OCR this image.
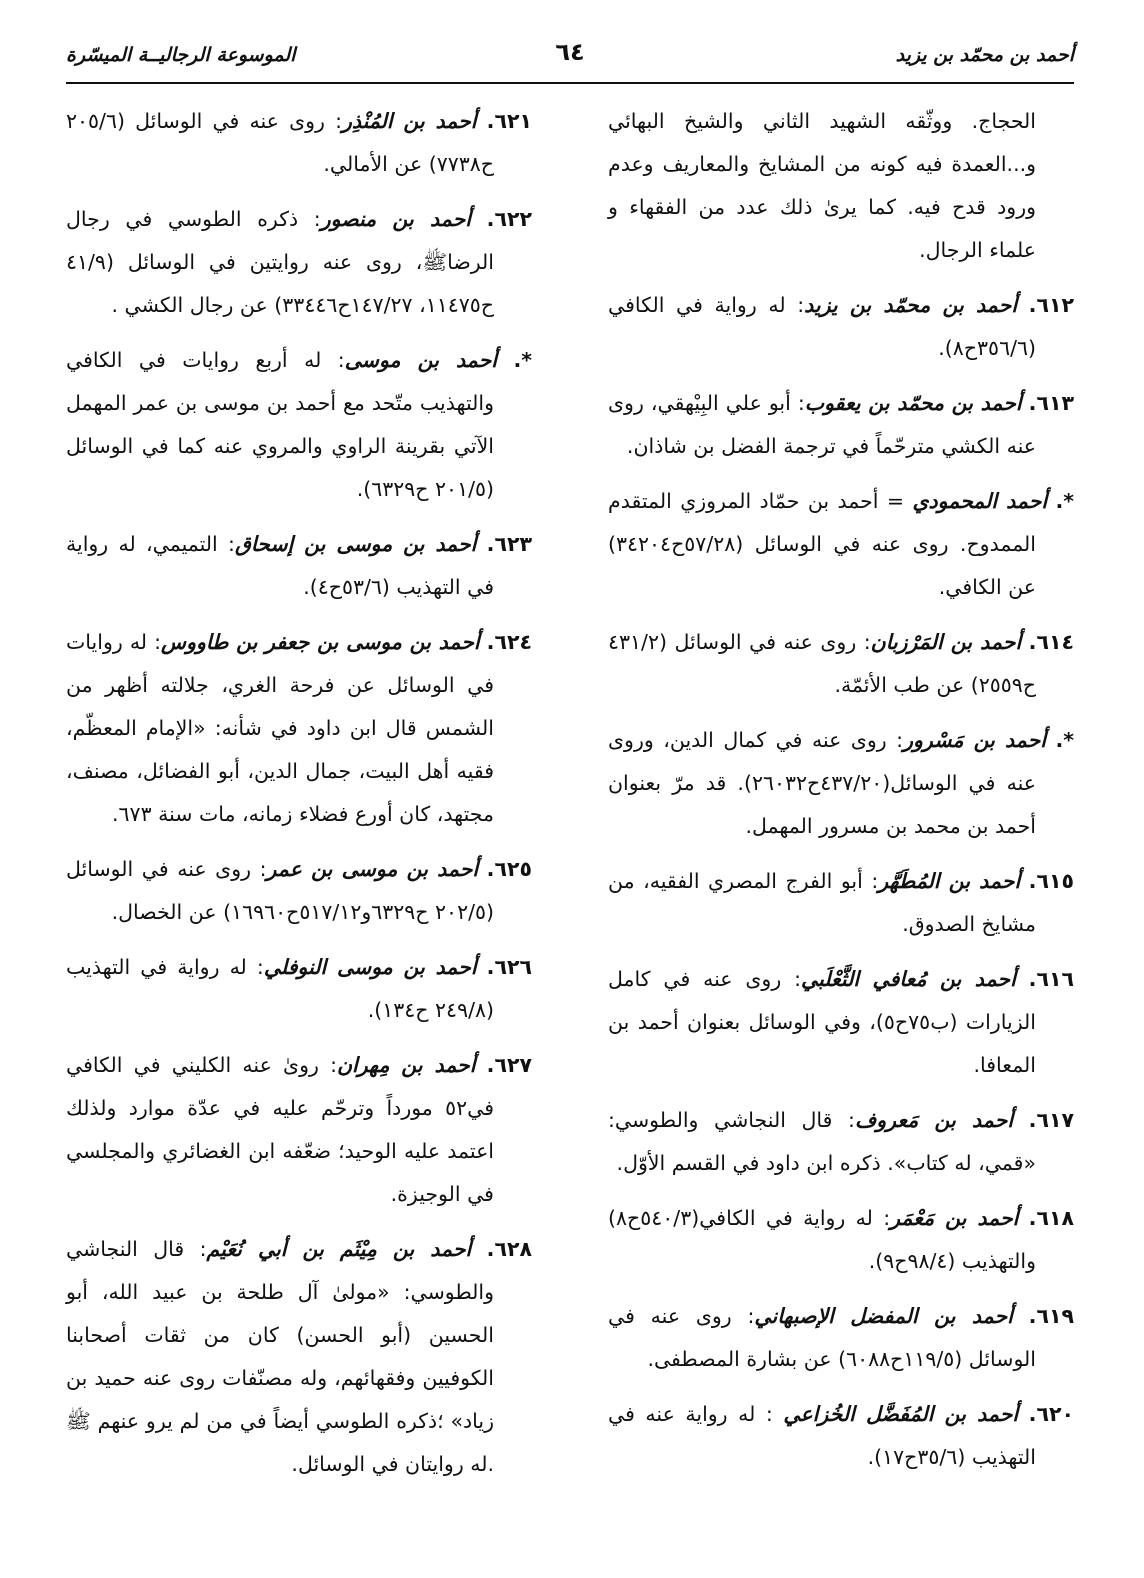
أحمد بن محمّد بن يزيد
٦٤
الموسوعة الرجاليــة الميسّرة

الحجاج. ووثّقه الشهيد الثاني والشيخ البهائي و...العمدة فيه كونه من المشايخ والمعاريف وعدم ورود قدح فيه. كما يرىٰ ذلك عدد من الفقهاء و علماء الرجال.

٦١٢. أحمد بن محمّد بن يزيد: له رواية في الكافي (٣٥٦/٦ح٨).

٦١٣. أحمد بن محمّد بن يعقوب: أبو علي البِيْهقي، روى عنه الكشي مترحّماً في ترجمة الفضل بن شاذان.

*. أحمد المحمودي = أحمد بن حمّاد المروزي المتقدم الممدوح. روى عنه في الوسائل (٥٧/٢٨ح٣٤٢٠٤) عن الكافي.

٦١٤. أحمد بن المَرْزبان: روى عنه في الوسائل (٤٣١/٢ ح٢٥٥٩) عن طب الأئمّة.

*. أحمد بن مَسْرور: روى عنه في كمال الدين، وروى عنه في الوسائل(٤٣٧/٢٠ح٢٦٠٣٢). قد مرّ بعنوان أحمد بن محمد بن مسرور المهمل.

٦١٥. أحمد بن المُطَهَّر: أبو الفرج المصري الفقيه، من مشايخ الصدوق.

٦١٦. أحمد بن مُعافي الثَّعْلَبي: روى عنه في كامل الزيارات (ب٧٥ح٥)، وفي الوسائل بعنوان أحمد بن المعافا.

٦١٧. أحمد بن مَعروف: قال النجاشي والطوسي: «قمي، له كتاب». ذكره ابن داود في القسم الأوّل.

٦١٨. أحمد بن مَعْمَر: له رواية في الكافي(٥٤٠/٣ح٨) والتهذيب (٩٨/٤ح٩).

٦١٩. أحمد بن المفضل الإصبهاني: روى عنه في الوسائل (١١٩/٥ح٦٠٨٨) عن بشارة المصطفى.

٦٢٠. أحمد بن المُفَضَّل الخُزاعي : له رواية عنه في التهذيب (٣٥/٦ح١٧).

٦٢١. أحمد بن المُنْذِر: روى عنه في الوسائل (٢٠٥/٦ ح٧٧٣٨) عن الأمالي.

٦٢٢. أحمد بن منصور: ذكره الطوسي في رجال الرضاﷺ، روى عنه روايتين في الوسائل (٤١/٩ ح١١٤٧٥، ١٤٧/٢٧ح٣٣٤٤٦) عن رجال الكشي .

*. أحمد بن موسى: له أربع روايات في الكافي والتهذيب متّحد مع أحمد بن موسى بن عمر المهمل الآتي بقرينة الراوي والمروي عنه كما في الوسائل (٢٠١/٥ ح٦٣٢٩).

٦٢٣. أحمد بن موسى بن إسحاق: التميمي، له رواية في التهذيب (٥٣/٦ح٤).

٦٢٤. أحمد بن موسى بن جعفر بن طاووس: له روايات في الوسائل عن فرحة الغري، جلالته أظهر من الشمس قال ابن داود في شأنه: «الإمام المعظّم، فقيه أهل البيت، جمال الدين، أبو الفضائل، مصنف، مجتهد، كان أورع فضلاء زمانه، مات سنة ٦٧٣.

٦٢٥. أحمد بن موسى بن عمر: روى عنه في الوسائل (٢٠٢/٥ ح٦٣٢٩و٥١٧/١٢ح١٦٩٦٠) عن الخصال.

٦٢٦. أحمد بن موسى النوفلي: له رواية في التهذيب (٢٤٩/٨ ح١٣٤).

٦٢٧. أحمد بن مِهران: روىٰ عنه الكليني في الكافي في٥٢ مورداً وترحّم عليه في عدّة موارد ولذلك اعتمد عليه الوحيد؛ ضعّفه ابن الغضائري والمجلسي في الوجيزة.

٦٢٨. أحمد بن مِيْثَم بن أبي نُعَيْم: قال النجاشي والطوسي: «مولىٰ آل طلحة بن عبيد الله، أبو الحسين (أبو الحسن) كان من ثقات أصحابنا الكوفيين وفقهائهم، وله مصنّفات روى عنه حميد بن زياد» ؛ذكره الطوسي أيضاً في من لم يرو عنهم ﷺ .له روايتان في الوسائل.
